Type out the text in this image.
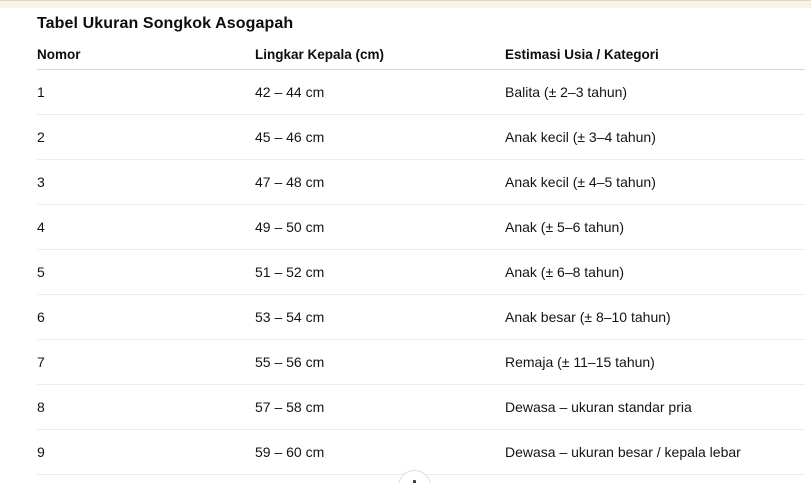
Tabel Ukuran Songkok Asogapah
Nomor	Lingkar Kepala (cm)	Estimasi Usia / Kategori
1	42 – 44 cm	Balita (± 2–3 tahun)
2	45 – 46 cm	Anak kecil (± 3–4 tahun)
3	47 – 48 cm	Anak kecil (± 4–5 tahun)
4	49 – 50 cm	Anak (± 5–6 tahun)
5	51 – 52 cm	Anak (± 6–8 tahun)
6	53 – 54 cm	Anak besar (± 8–10 tahun)
7	55 – 56 cm	Remaja (± 11–15 tahun)
8	57 – 58 cm	Dewasa – ukuran standar pria
9	59 – 60 cm	Dewasa – ukuran besar / kepala lebar
